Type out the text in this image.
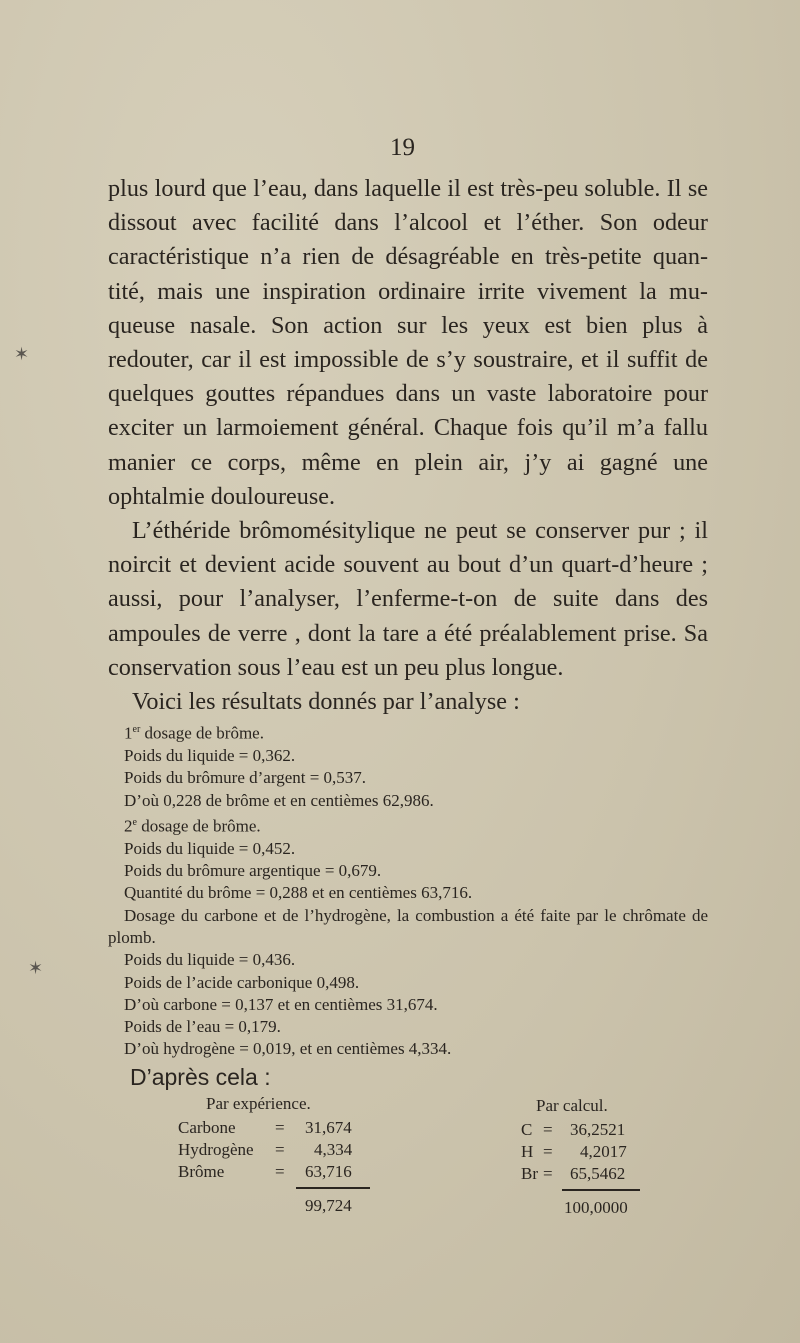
19

plus lourd que l’eau, dans laquelle il est très-peu soluble. Il se dissout avec facilité dans l’alcool et l’éther. Son odeur caractéristique n’a rien de désagréable en très-petite quan-tité, mais une inspiration ordinaire irrite vivement la mu-queuse nasale. Son action sur les yeux est bien plus à redouter, car il est impossible de s’y soustraire, et il suffit de quelques gouttes répandues dans un vaste laboratoire pour exciter un larmoiement général. Chaque fois qu’il m’a fallu manier ce corps, même en plein air, j’y ai gagné une ophtalmie douloureuse.

L’éthéride brômomésitylique ne peut se conserver pur ; il noircit et devient acide souvent au bout d’un quart-d’heure ; aussi, pour l’analyser, l’enferme-t-on de suite dans des ampoules de verre , dont la tare a été préalablement prise. Sa conservation sous l’eau est un peu plus longue.

Voici les résultats donnés par l’analyse :

1er dosage de brôme.
Poids du liquide = 0,362.
Poids du brômure d’argent = 0,537.
D’où 0,228 de brôme et en centièmes 62,986.
2e dosage de brôme.
Poids du liquide = 0,452.
Poids du brômure argentique = 0,679.
Quantité du brôme = 0,288 et en centièmes 63,716.
Dosage du carbone et de l’hydrogène, la combustion a été faite par le chrômate de plomb.
Poids du liquide = 0,436.
Poids de l’acide carbonique 0,498.
D’où carbone = 0,137 et en centièmes 31,674.
Poids de l’eau = 0,179.
D’où hydrogène = 0,019, et en centièmes 4,334.
D’après cela :
Par expérience.
Carbone = 31,674
Hydrogène = 4,334
Brôme	= 63,716
99,724
Par calcul.
C = 36,2521
H = 4,2017
Br = 65,5462
100,0000
✶
✶
